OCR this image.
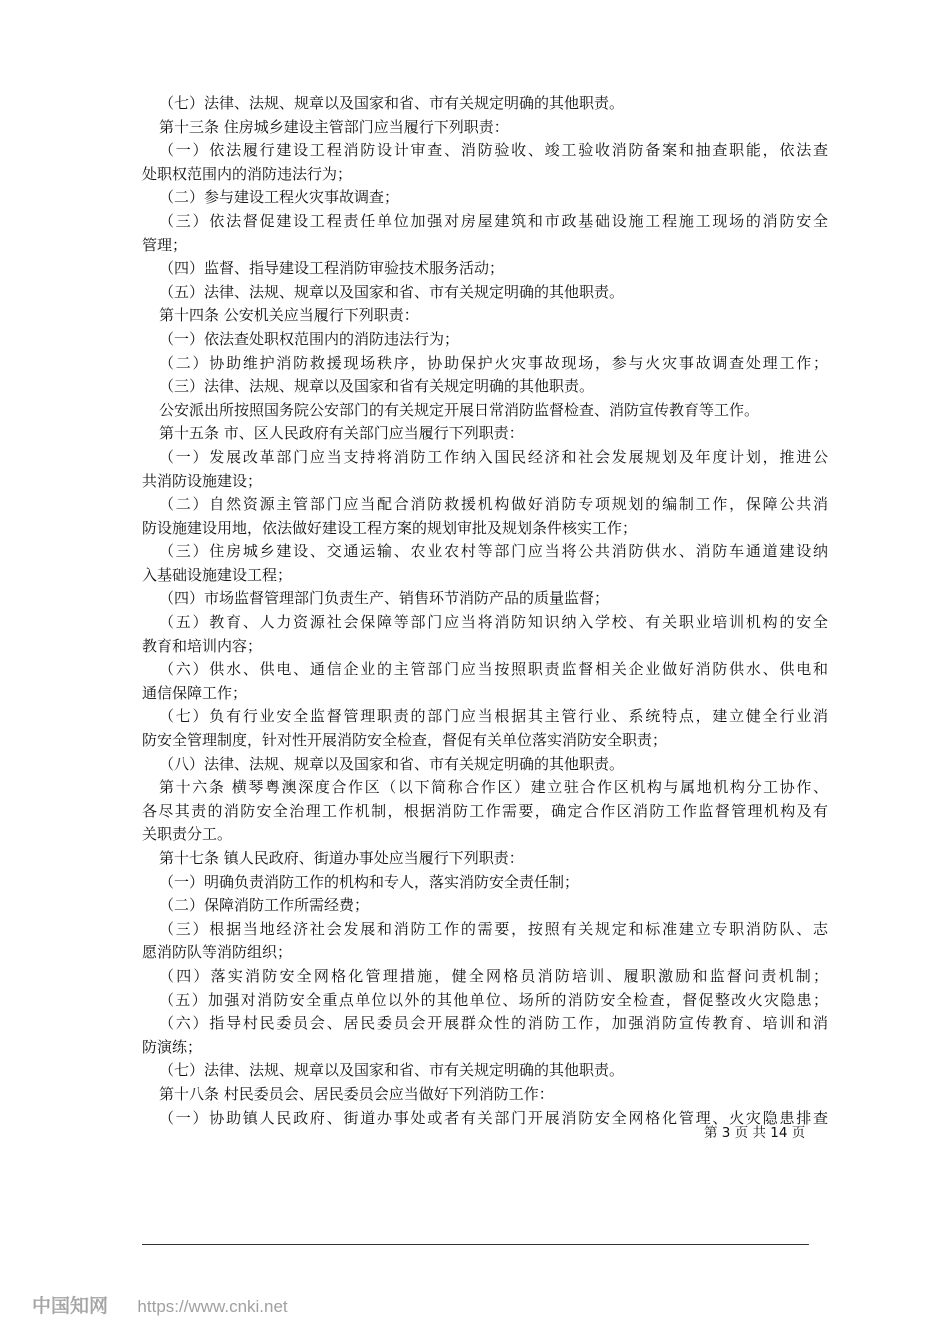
（七）法律、法规、规章以及国家和省、市有关规定明确的其他职责。
第十三条 住房城乡建设主管部门应当履行下列职责：
（一）依法履行建设工程消防设计审查、消防验收、竣工验收消防备案和抽查职能，依法查
处职权范围内的消防违法行为；
（二）参与建设工程火灾事故调查；
（三）依法督促建设工程责任单位加强对房屋建筑和市政基础设施工程施工现场的消防安全
管理；
（四）监督、指导建设工程消防审验技术服务活动；
（五）法律、法规、规章以及国家和省、市有关规定明确的其他职责。
第十四条 公安机关应当履行下列职责：
（一）依法查处职权范围内的消防违法行为；
（二）协助维护消防救援现场秩序，协助保护火灾事故现场，参与火灾事故调查处理工作；
（三）法律、法规、规章以及国家和省有关规定明确的其他职责。
公安派出所按照国务院公安部门的有关规定开展日常消防监督检查、消防宣传教育等工作。
第十五条 市、区人民政府有关部门应当履行下列职责：
（一）发展改革部门应当支持将消防工作纳入国民经济和社会发展规划及年度计划，推进公
共消防设施建设；
（二）自然资源主管部门应当配合消防救援机构做好消防专项规划的编制工作，保障公共消
防设施建设用地，依法做好建设工程方案的规划审批及规划条件核实工作；
（三）住房城乡建设、交通运输、农业农村等部门应当将公共消防供水、消防车通道建设纳
入基础设施建设工程；
（四）市场监督管理部门负责生产、销售环节消防产品的质量监督；
（五）教育、人力资源社会保障等部门应当将消防知识纳入学校、有关职业培训机构的安全
教育和培训内容；
（六）供水、供电、通信企业的主管部门应当按照职责监督相关企业做好消防供水、供电和
通信保障工作；
（七）负有行业安全监督管理职责的部门应当根据其主管行业、系统特点，建立健全行业消
防安全管理制度，针对性开展消防安全检查，督促有关单位落实消防安全职责；
（八）法律、法规、规章以及国家和省、市有关规定明确的其他职责。
第十六条 横琴粤澳深度合作区（以下简称合作区）建立驻合作区机构与属地机构分工协作、
各尽其责的消防安全治理工作机制，根据消防工作需要，确定合作区消防工作监督管理机构及有
关职责分工。
第十七条 镇人民政府、街道办事处应当履行下列职责：
（一）明确负责消防工作的机构和专人，落实消防安全责任制；
（二）保障消防工作所需经费；
（三）根据当地经济社会发展和消防工作的需要，按照有关规定和标准建立专职消防队、志
愿消防队等消防组织；
（四）落实消防安全网格化管理措施，健全网格员消防培训、履职激励和监督问责机制；
（五）加强对消防安全重点单位以外的其他单位、场所的消防安全检查，督促整改火灾隐患；
（六）指导村民委员会、居民委员会开展群众性的消防工作，加强消防宣传教育、培训和消
防演练；
（七）法律、法规、规章以及国家和省、市有关规定明确的其他职责。
第十八条 村民委员会、居民委员会应当做好下列消防工作：
（一）协助镇人民政府、街道办事处或者有关部门开展消防安全网格化管理、火灾隐患排查
第 3 页 共 14 页
中国知网 https://www.cnki.net
